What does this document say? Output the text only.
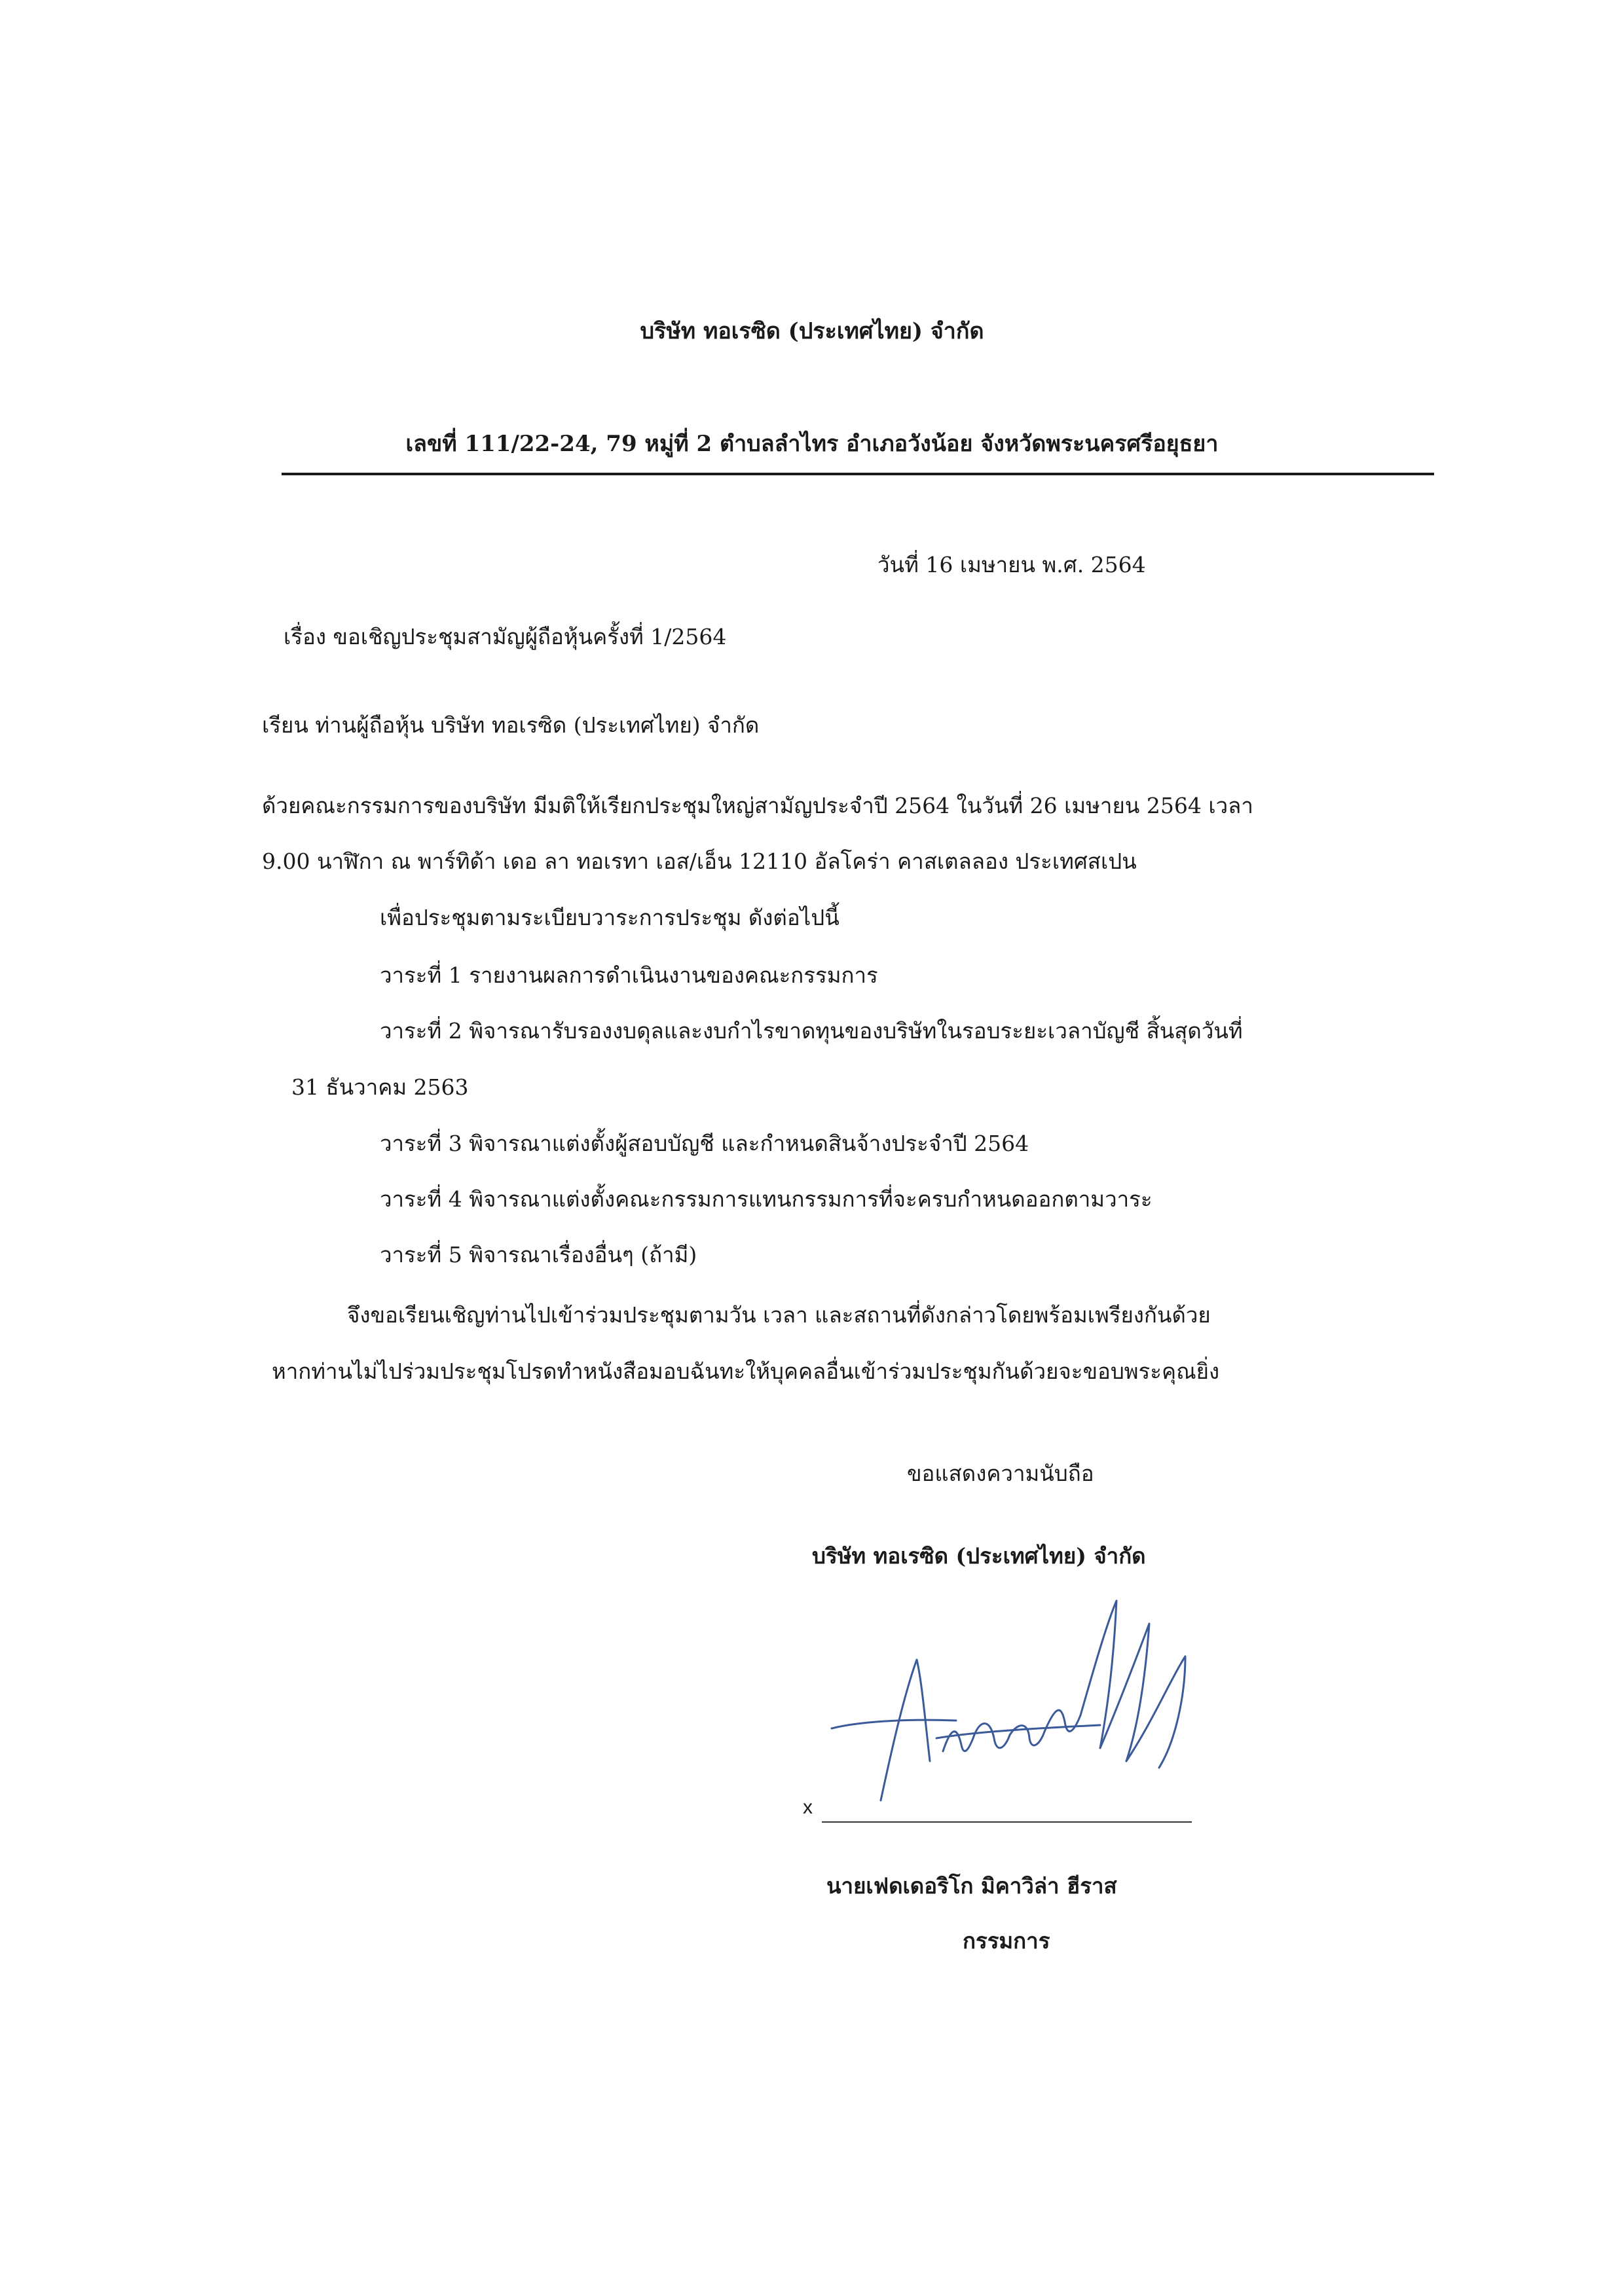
บริษัท ทอเรซิด (ประเทศไทย) จำกัด
เลขที่ 111/22-24, 79 หมู่ที่ 2 ตำบลลำไทร อำเภอวังน้อย จังหวัดพระนครศรีอยุธยา
วันที่ 16 เมษายน พ.ศ. 2564
เรื่อง ขอเชิญประชุมสามัญผู้ถือหุ้นครั้งที่ 1/2564
เรียน ท่านผู้ถือหุ้น บริษัท ทอเรซิด (ประเทศไทย) จำกัด
ด้วยคณะกรรมการของบริษัท มีมติให้เรียกประชุมใหญ่สามัญประจำปี 2564 ในวันที่ 26 เมษายน 2564 เวลา
9.00 นาฬิกา ณ พาร์ทิด้า เดอ ลา ทอเรทา เอส/เอ็น 12110 อัลโคร่า คาสเตลลอง ประเทศสเปน
เพื่อประชุมตามระเบียบวาระการประชุม ดังต่อไปนี้
วาระที่ 1 รายงานผลการดำเนินงานของคณะกรรมการ
วาระที่ 2 พิจารณารับรองงบดุลและงบกำไรขาดทุนของบริษัทในรอบระยะเวลาบัญชี สิ้นสุดวันที่
31 ธันวาคม 2563
วาระที่ 3 พิจารณาแต่งตั้งผู้สอบบัญชี และกำหนดสินจ้างประจำปี 2564
วาระที่ 4 พิจารณาแต่งตั้งคณะกรรมการแทนกรรมการที่จะครบกำหนดออกตามวาระ
วาระที่ 5 พิจารณาเรื่องอื่นๆ (ถ้ามี)
จึงขอเรียนเชิญท่านไปเข้าร่วมประชุมตามวัน เวลา และสถานที่ดังกล่าวโดยพร้อมเพรียงกันด้วย
หากท่านไม่ไปร่วมประชุมโปรดทำหนังสือมอบฉันทะให้บุคคลอื่นเข้าร่วมประชุมกันด้วยจะขอบพระคุณยิ่ง
ขอแสดงความนับถือ
บริษัท ทอเรซิด (ประเทศไทย) จำกัด
x
นายเฟดเดอริโก มิคาวิล่า ฮีราส
กรรมการ
